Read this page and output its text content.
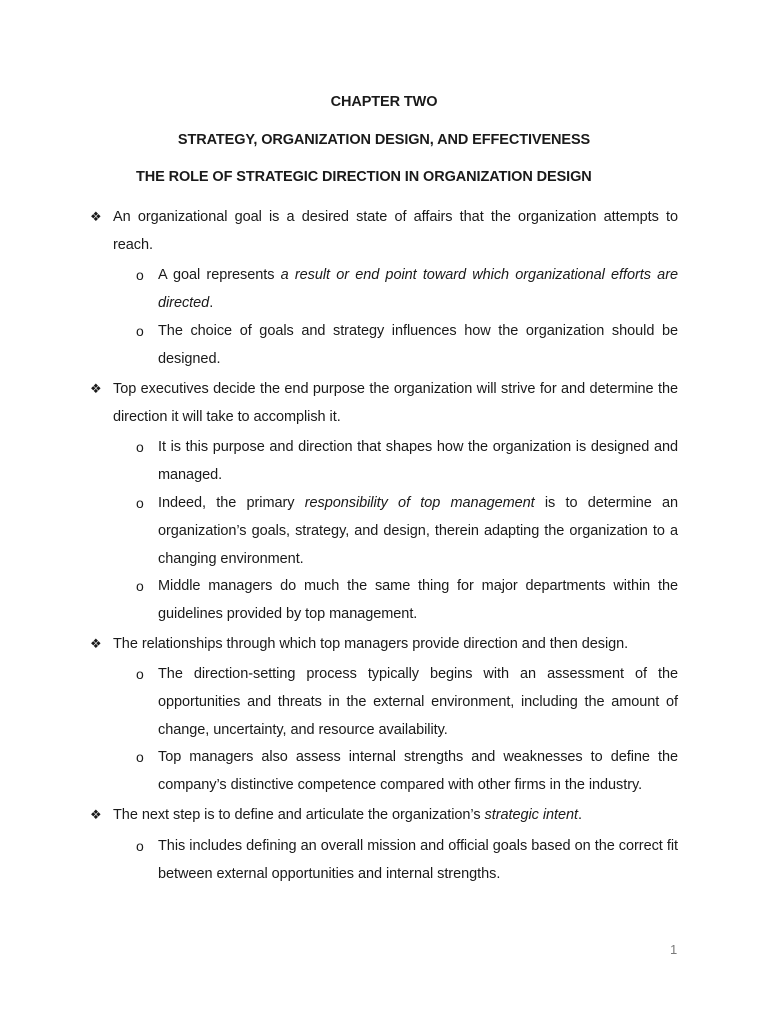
CHAPTER TWO
STRATEGY, ORGANIZATION DESIGN, AND EFFECTIVENESS
THE ROLE OF STRATEGIC DIRECTION IN ORGANIZATION DESIGN
❖ An organizational goal is a desired state of affairs that the organization attempts to reach.
o A goal represents a result or end point toward which organizational efforts are directed.
o The choice of goals and strategy influences how the organization should be designed.
❖ Top executives decide the end purpose the organization will strive for and determine the direction it will take to accomplish it.
o It is this purpose and direction that shapes how the organization is designed and managed.
o Indeed, the primary responsibility of top management is to determine an organization’s goals, strategy, and design, therein adapting the organization to a changing environment.
o Middle managers do much the same thing for major departments within the guidelines provided by top management.
❖ The relationships through which top managers provide direction and then design.
o The direction-setting process typically begins with an assessment of the opportunities and threats in the external environment, including the amount of change, uncertainty, and resource availability.
o Top managers also assess internal strengths and weaknesses to define the company’s distinctive competence compared with other firms in the industry.
❖ The next step is to define and articulate the organization’s strategic intent.
o This includes defining an overall mission and official goals based on the correct fit between external opportunities and internal strengths.
1
